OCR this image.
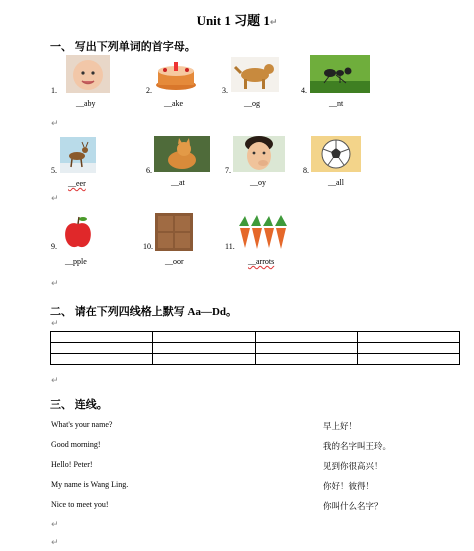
Unit 1 习题 1↵
一、 写出下列单词的首字母。
1.	2.	3.	4.
__aby	__ake	__og	__nt
↵
5.	6.	7.	8.
__eer	__at	__oy	__all
↵
9.	10.	11.
__pple	__oor	__arrots
↵
二、 请在下列四线格上默写 Aa—Dd。
↵

↵
三、 连线。
What's your name?
Good morning!
Hello! Peter!
My name is Wang Ling.
Nice to meet you!
早上好！
我的名字叫王玲。
见到你很高兴！
你好！彼得！
你叫什么名字？
↵
↵
